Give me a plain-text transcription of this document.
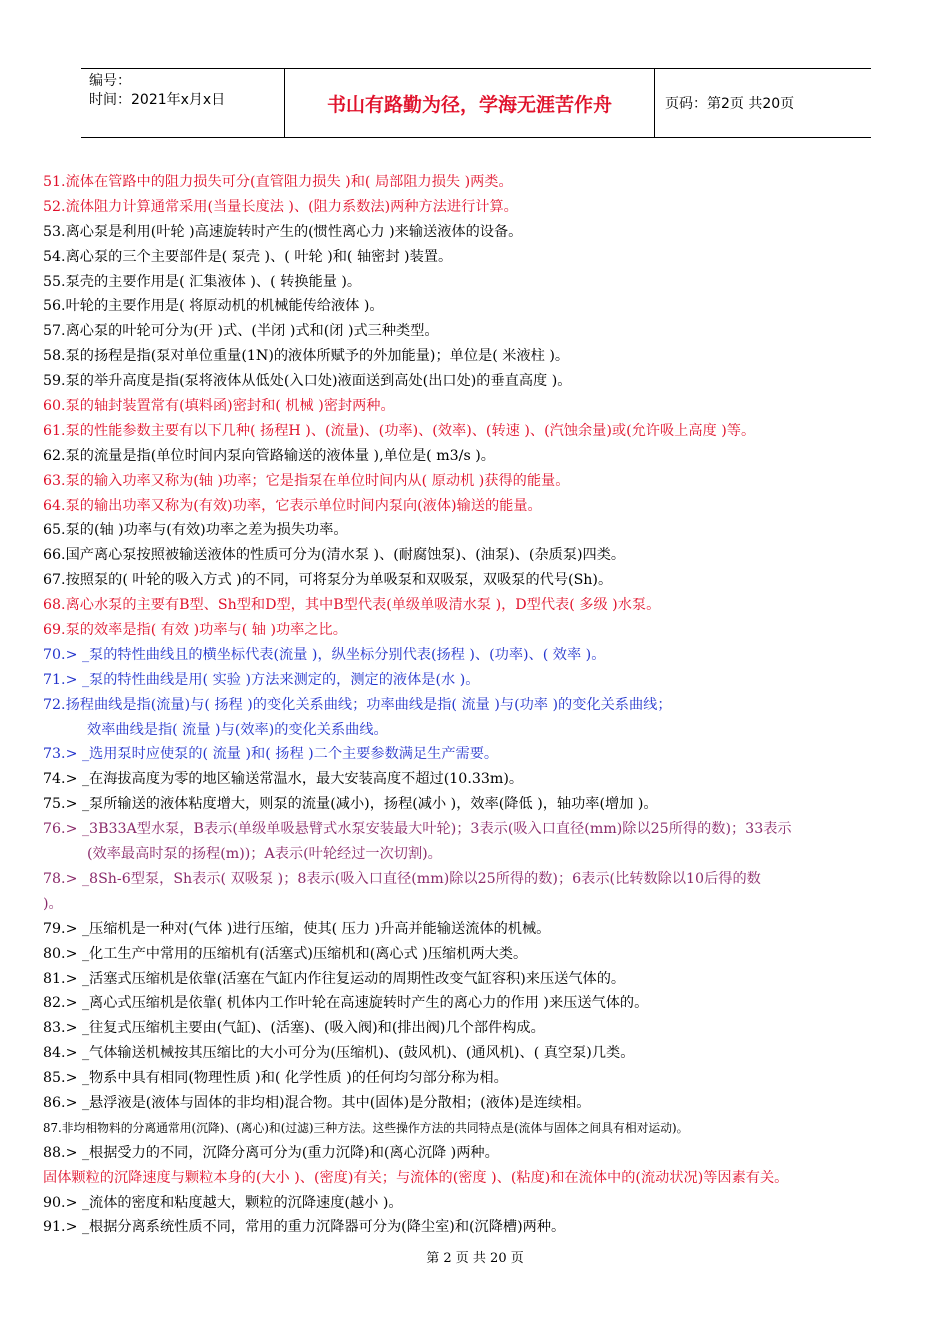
编号：
时间：2021年x月x日	书山有路勤为径，学海无涯苦作舟	页码：第2页 共20页
51.流体在管路中的阻力损失可分(直管阻力损失 )和( 局部阻力损失 )两类。
52.流体阻力计算通常采用(当量长度法 )、(阻力系数法)两种方法进行计算。
53.离心泵是利用(叶轮 )高速旋转时产生的(惯性离心力 )来输送液体的设备。
54.离心泵的三个主要部件是( 泵壳 )、( 叶轮 )和( 轴密封 )装置。
55.泵壳的主要作用是( 汇集液体 )、( 转换能量 )。
56.叶轮的主要作用是( 将原动机的机械能传给液体 )。
57.离心泵的叶轮可分为(开 )式、(半闭 )式和(闭 )式三种类型。
58.泵的扬程是指(泵对单位重量(1N)的液体所赋予的外加能量)；单位是( 米液柱 )。
59.泵的举升高度是指(泵将液体从低处(入口处)液面送到高处(出口处)的垂直高度 )。
60.泵的轴封装置常有(填料函)密封和( 机械 )密封两种。
61.泵的性能参数主要有以下几种( 扬程H )、(流量)、(功率)、(效率)、(转速 )、(汽蚀余量)或(允许吸上高度 )等。
62.泵的流量是指(单位时间内泵向管路输送的液体量 ),单位是( m3/s )。
63.泵的输入功率又称为(轴 )功率；它是指泵在单位时间内从( 原动机 )获得的能量。
64.泵的输出功率又称为(有效)功率，它表示单位时间内泵向(液体)输送的能量。
65.泵的(轴 )功率与(有效)功率之差为损失功率。
66.国产离心泵按照被输送液体的性质可分为(清水泵 )、(耐腐蚀泵)、(油泵)、(杂质泵)四类。
67.按照泵的( 叶轮的吸入方式 )的不同，可将泵分为单吸泵和双吸泵，双吸泵的代号(Sh)。
68.离心水泵的主要有B型、Sh型和D型，其中B型代表(单级单吸清水泵 )，D型代表( 多级 )水泵。
69.泵的效率是指( 有效 )功率与( 轴 )功率之比。
70.> _泵的特性曲线且的横坐标代表(流量 )，纵坐标分别代表(扬程 )、(功率)、( 效率 )。
71.> _泵的特性曲线是用( 实验 )方法来测定的，测定的液体是(水 )。
72.扬程曲线是指(流量)与( 扬程 )的变化关系曲线；功率曲线是指( 流量 )与(功率 )的变化关系曲线；
效率曲线是指( 流量 )与(效率)的变化关系曲线。
73.> _选用泵时应使泵的( 流量 )和( 扬程 )二个主要参数满足生产需要。
74.> _在海拔高度为零的地区输送常温水，最大安装高度不超过(10.33m)。
75.> _泵所输送的液体粘度增大，则泵的流量(减小)，扬程(减小 )，效率(降低 )，轴功率(增加 )。
76.> _3B33A型水泵，B表示(单级单吸悬臂式水泵安装最大叶轮)；3表示(吸入口直径(mm)除以25所得的数)；33表示
(效率最高时泵的扬程(m))；A表示(叶轮经过一次切割)。
78.> _8Sh-6型泵，Sh表示( 双吸泵 )；8表示(吸入口直径(mm)除以25所得的数)；6表示(比转数除以10后得的数
)。
79.> _压缩机是一种对(气体 )进行压缩，使其( 压力 )升高并能输送流体的机械。
80.> _化工生产中常用的压缩机有(活塞式)压缩机和(离心式 )压缩机两大类。
81.> _活塞式压缩机是依靠(活塞在气缸内作往复运动的周期性改变气缸容积)来压送气体的。
82.> _离心式压缩机是依靠( 机体内工作叶轮在高速旋转时产生的离心力的作用 )来压送气体的。
83.> _往复式压缩机主要由(气缸)、(活塞)、(吸入阀)和(排出阀)几个部件构成。
84.> _气体输送机械按其压缩比的大小可分为(压缩机)、(鼓风机)、(通风机)、( 真空泵)几类。
85.> _物系中具有相同(物理性质 )和( 化学性质 )的任何均匀部分称为相。
86.> _悬浮液是(液体与固体的非均相)混合物。其中(固体)是分散相；(液体)是连续相。
87.非均相物料的分离通常用(沉降)、(离心)和(过滤)三种方法。这些操作方法的共同特点是(流体与固体之间具有相对运动)。
88.> _根据受力的不同，沉降分离可分为(重力沉降)和(离心沉降 )两种。
固体颗粒的沉降速度与颗粒本身的(大小 )、(密度)有关；与流体的(密度 )、(粘度)和在流体中的(流动状况)等因素有关。
90.> _流体的密度和粘度越大，颗粒的沉降速度(越小 )。
91.> _根据分离系统性质不同，常用的重力沉降器可分为(降尘室)和(沉降槽)两种。
第 2 页 共 20 页
